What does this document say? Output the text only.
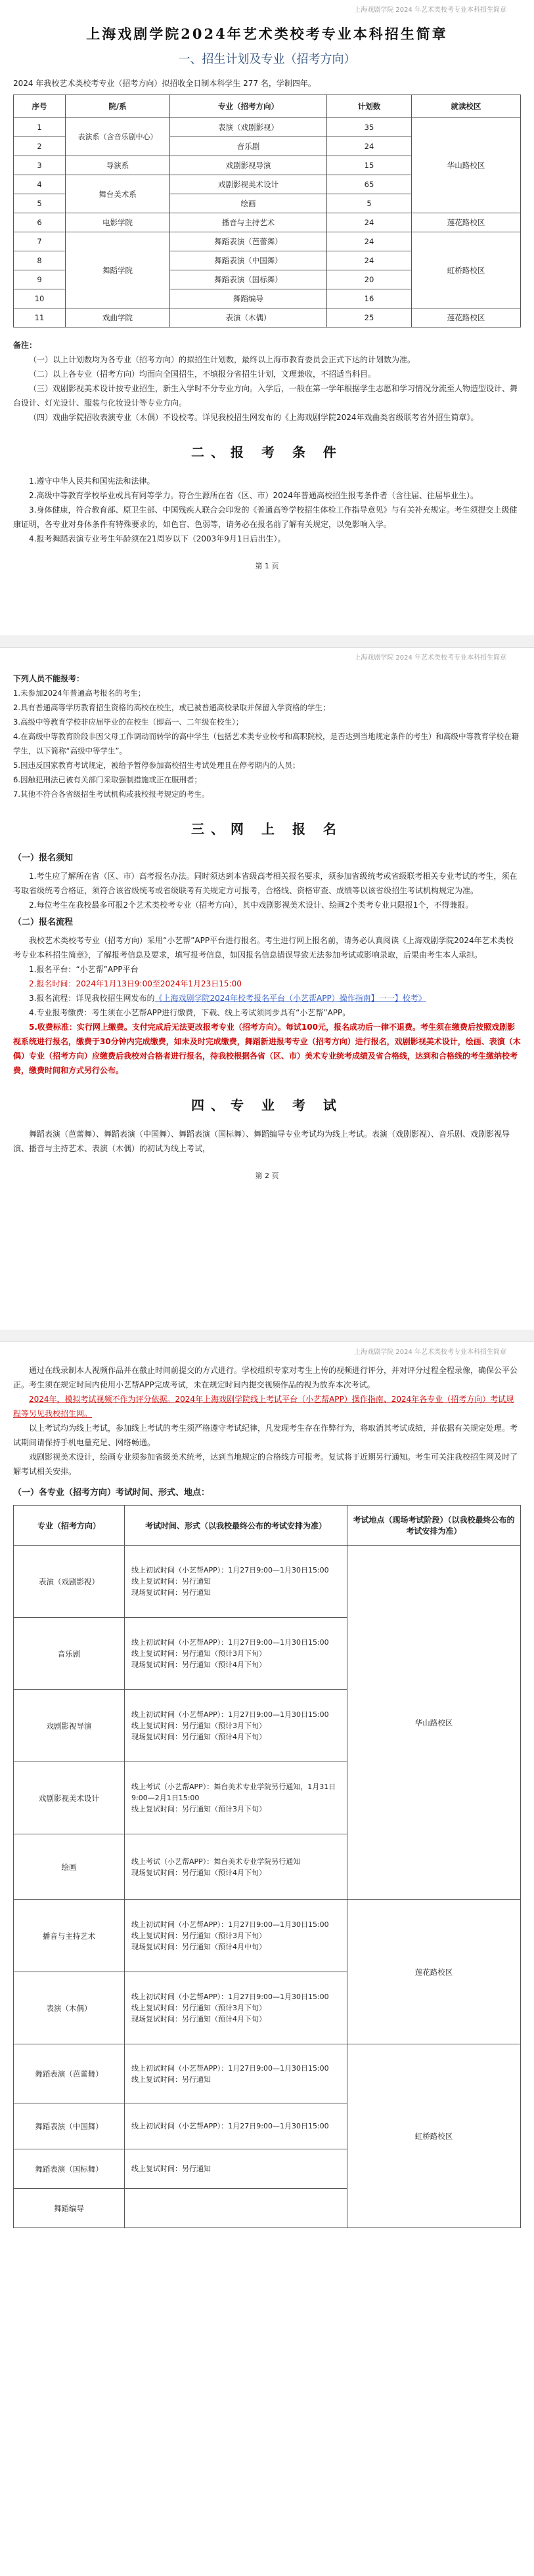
上海戏剧学院 2024 年艺术类校考专业本科招生简章
上海戏剧学院2024年艺术类校考专业本科招生简章
一、招生计划及专业（招考方向）

2024 年我校艺术类校考专业（招考方向）拟招收全日制本科学生 277 名，学制四年。

序号	院/系	专业（招考方向）	计划数	就读校区
1	表演系（含音乐剧中心）	表演（戏剧影视）	35	华山路校区
2		音乐剧	24	
3	导演系	戏剧影视导演	15	
4	舞台美术系	戏剧影视美术设计	65	
5		绘画	5	
6	电影学院	播音与主持艺术	24	莲花路校区
7	舞蹈学院	舞蹈表演（芭蕾舞）	24	虹桥路校区
8		舞蹈表演（中国舞）	24	
9		舞蹈表演（国标舞）	20	
10		舞蹈编导	16	
11	戏曲学院	表演（木偶）	25	莲花路校区

备注：

（一）以上计划数均为各专业（招考方向）的拟招生计划数，最终以上海市教育委员会正式下达的计划数为准。

（二）以上各专业（招考方向）均面向全国招生，不填报分省招生计划，文理兼收，不招适当科目。

（三）戏剧影视美术设计按专业招生，新生入学时不分专业方向。入学后，一般在第一学年根据学生志愿和学习情况分流至人物造型设计、舞台设计、灯光设计、服装与化妆设计等专业方向。

（四）戏曲学院招收表演专业（木偶）不设校考。详见我校招生网发布的《上海戏剧学院2024年戏曲类省级联考省外招生简章》。

二、报 考 条 件

1.遵守中华人民共和国宪法和法律。

2.高级中等教育学校毕业或具有同等学力。符合生源所在省（区、市）2024年普通高校招生报考条件者（含往届、往届毕业生）。

3.身体健康，符合教育部、原卫生部、中国残疾人联合会印发的《普通高等学校招生体检工作指导意见》与有关补充规定。考生须提交上级健康证明，各专业对身体条件有特殊要求的，如色盲、色弱等，请务必在报名前了解有关规定，以免影响入学。

4.报考舞蹈表演专业考生年龄须在21周岁以下（2003年9月1日后出生）。

第 1 页
上海戏剧学院 2024 年艺术类校考专业本科招生简章

下列人员不能报考：

1.未参加2024年普通高考报名的考生；

2.具有普通高等学历教育招生资格的高校在校生，或已被普通高校录取并保留入学资格的学生；

3.高级中等教育学校非应届毕业的在校生（即高一、二年级在校生）；

4.在高级中等教育阶段非因父母工作调动而转学的高中学生（包括艺术类专业校考和高职院校，是否达到当地规定条件的考生）和高级中等教育学校在籍学生，以下简称“高级中等学生”。

5.因违反国家教育考试规定，被给予暂停参加高校招生考试处理且在停考期内的人员；

6.因触犯刑法已被有关部门采取强制措施或正在服刑者；

7.其他不符合各省级招生考试机构或我校报考规定的考生。

三、网 上 报 名
（一）报名须知

1.考生应了解所在省（区、市）高考报名办法。同时须达到本省级高考相关报名要求，须参加省级统考或省级联考相关专业考试的考生，须在考取省级统考合格证，须符合该省级统考或省级联考有关规定方可报考，合格线、资格审查、成绩等以该省级招生考试机构规定为准。

2.每位考生在我校最多可报2个艺术类校考专业（招考方向），其中戏剧影视美术设计、绘画2个类考专业只限报1个，不得兼报。

（二）报名流程

我校艺术类校考专业（招考方向）采用“小艺帮”APP平台进行报名。考生进行网上报名前，请务必认真阅读《上海戏剧学院2024年艺术类校考专业本科招生简章》，了解报考信息及要求，填写报考信息，如因报名信息错误导致无法参加考试或影响录取，后果由考生本人承担。

1.报名平台：“小艺帮”APP平台

2.报名时间：2024年1月13日9:00至2024年1月23日15:00

3.报名流程：详见我校招生网发布的《上海戏剧学院2024年校考报名平台（小艺帮APP）操作指南】一一】校考》

4.专业报考缴费：考生须在小艺帮APP进行缴费，下载、线上考试须同步具有“小艺帮”APP。

5.收费标准：实行网上缴费。支付完成后无法更改报考专业（招考方向）。每试100元，报名成功后一律不退费。考生须在缴费后按照戏剧影视系统进行报名，缴费于30分钟内完成缴费，如未及时完成缴费，舞蹈新进报考专业（招考方向）进行报名，戏剧影视美术设计，绘画、表演（木偶）专业（招考方向）应缴费后我校对合格者进行报名，待我校根据各省（区、市）美术专业统考成绩及省合格线，达到和合格线的考生缴纳校考费，缴费时间和方式另行公布。

四、专 业 考 试

舞蹈表演（芭蕾舞）、舞蹈表演（中国舞）、舞蹈表演（国标舞）、舞蹈编导专业考试均为线上考试。表演（戏剧影视）、音乐剧、戏剧影视导演、播音与主持艺术、表演（木偶）的初试为线上考试，

第 2 页
上海戏剧学院 2024 年艺术类校考专业本科招生简章

通过在线录制本人视频作品并在截止时间前提交的方式进行。学校组织专家对考生上传的视频进行评分，并对评分过程全程录像，确保公平公正。考生须在规定时间内使用小艺帮APP完成考试，未在规定时间内提交视频作品的视为放弃本次考试。

2024年，模拟考试视频不作为评分依据。2024年上海戏剧学院线上考试平台（小艺帮APP）操作指南、2024年各专业（招考方向）考试规程等另见我校招生网。

以上考试均为线上考试，参加线上考试的考生须严格遵守考试纪律，凡发现考生存在作弊行为，将取消其考试成绩，并依据有关规定处理。考试期间请保持手机电量充足、网络畅通。

戏剧影视美术设计，绘画专业须参加省级美术统考，达到当地规定的合格线方可报考。复试将于近期另行通知。考生可关注我校招生网及时了解考试相关安排。

（一）各专业（招考方向）考试时间、形式、地点：
专业（招考方向）	考试时间、形式（以我校最终公布的考试安排为准）	考试地点（现场考试阶段）（以我校最终公布的考试安排为准）
表演（戏剧影视）	线上初试时间（小艺帮APP）：1月27日9:00—1月30日15:00
线上复试时间：另行通知
现场复试时间：另行通知	华山路校区
音乐剧	线上初试时间（小艺帮APP）：1月27日9:00—1月30日15:00
线上复试时间：另行通知（预计3月下旬）
现场复试时间：另行通知（预计4月下旬）	
戏剧影视导演	线上初试时间（小艺帮APP）：1月27日9:00—1月30日15:00
线上复试时间：另行通知（预计3月下旬）
现场复试时间：另行通知（预计4月下旬）	
戏剧影视美术设计	线上考试（小艺帮APP）：舞台美术专业学院另行通知，1月31日9:00—2月1日15:00
线上复试时间：另行通知（预计3月下旬）	
绘画	线上考试（小艺帮APP）：舞台美术专业学院另行通知
现场复试时间：另行通知（预计4月下旬）	
播音与主持艺术	线上初试时间（小艺帮APP）：1月27日9:00—1月30日15:00
线上复试时间：另行通知（预计3月下旬）
现场复试时间：另行通知（预计4月中旬）	莲花路校区
表演（木偶）	线上初试时间（小艺帮APP）：1月27日9:00—1月30日15:00
线上复试时间：另行通知（预计3月下旬）
现场复试时间：另行通知（预计4月下旬）	
舞蹈表演（芭蕾舞）	线上初试时间（小艺帮APP）：1月27日9:00—1月30日15:00
线上复试时间：另行通知	虹桥路校区
舞蹈表演（中国舞）	线上初试时间（小艺帮APP）：1月27日9:00—1月30日15:00	
舞蹈表演（国标舞）	线上复试时间：另行通知	
舞蹈编导		
